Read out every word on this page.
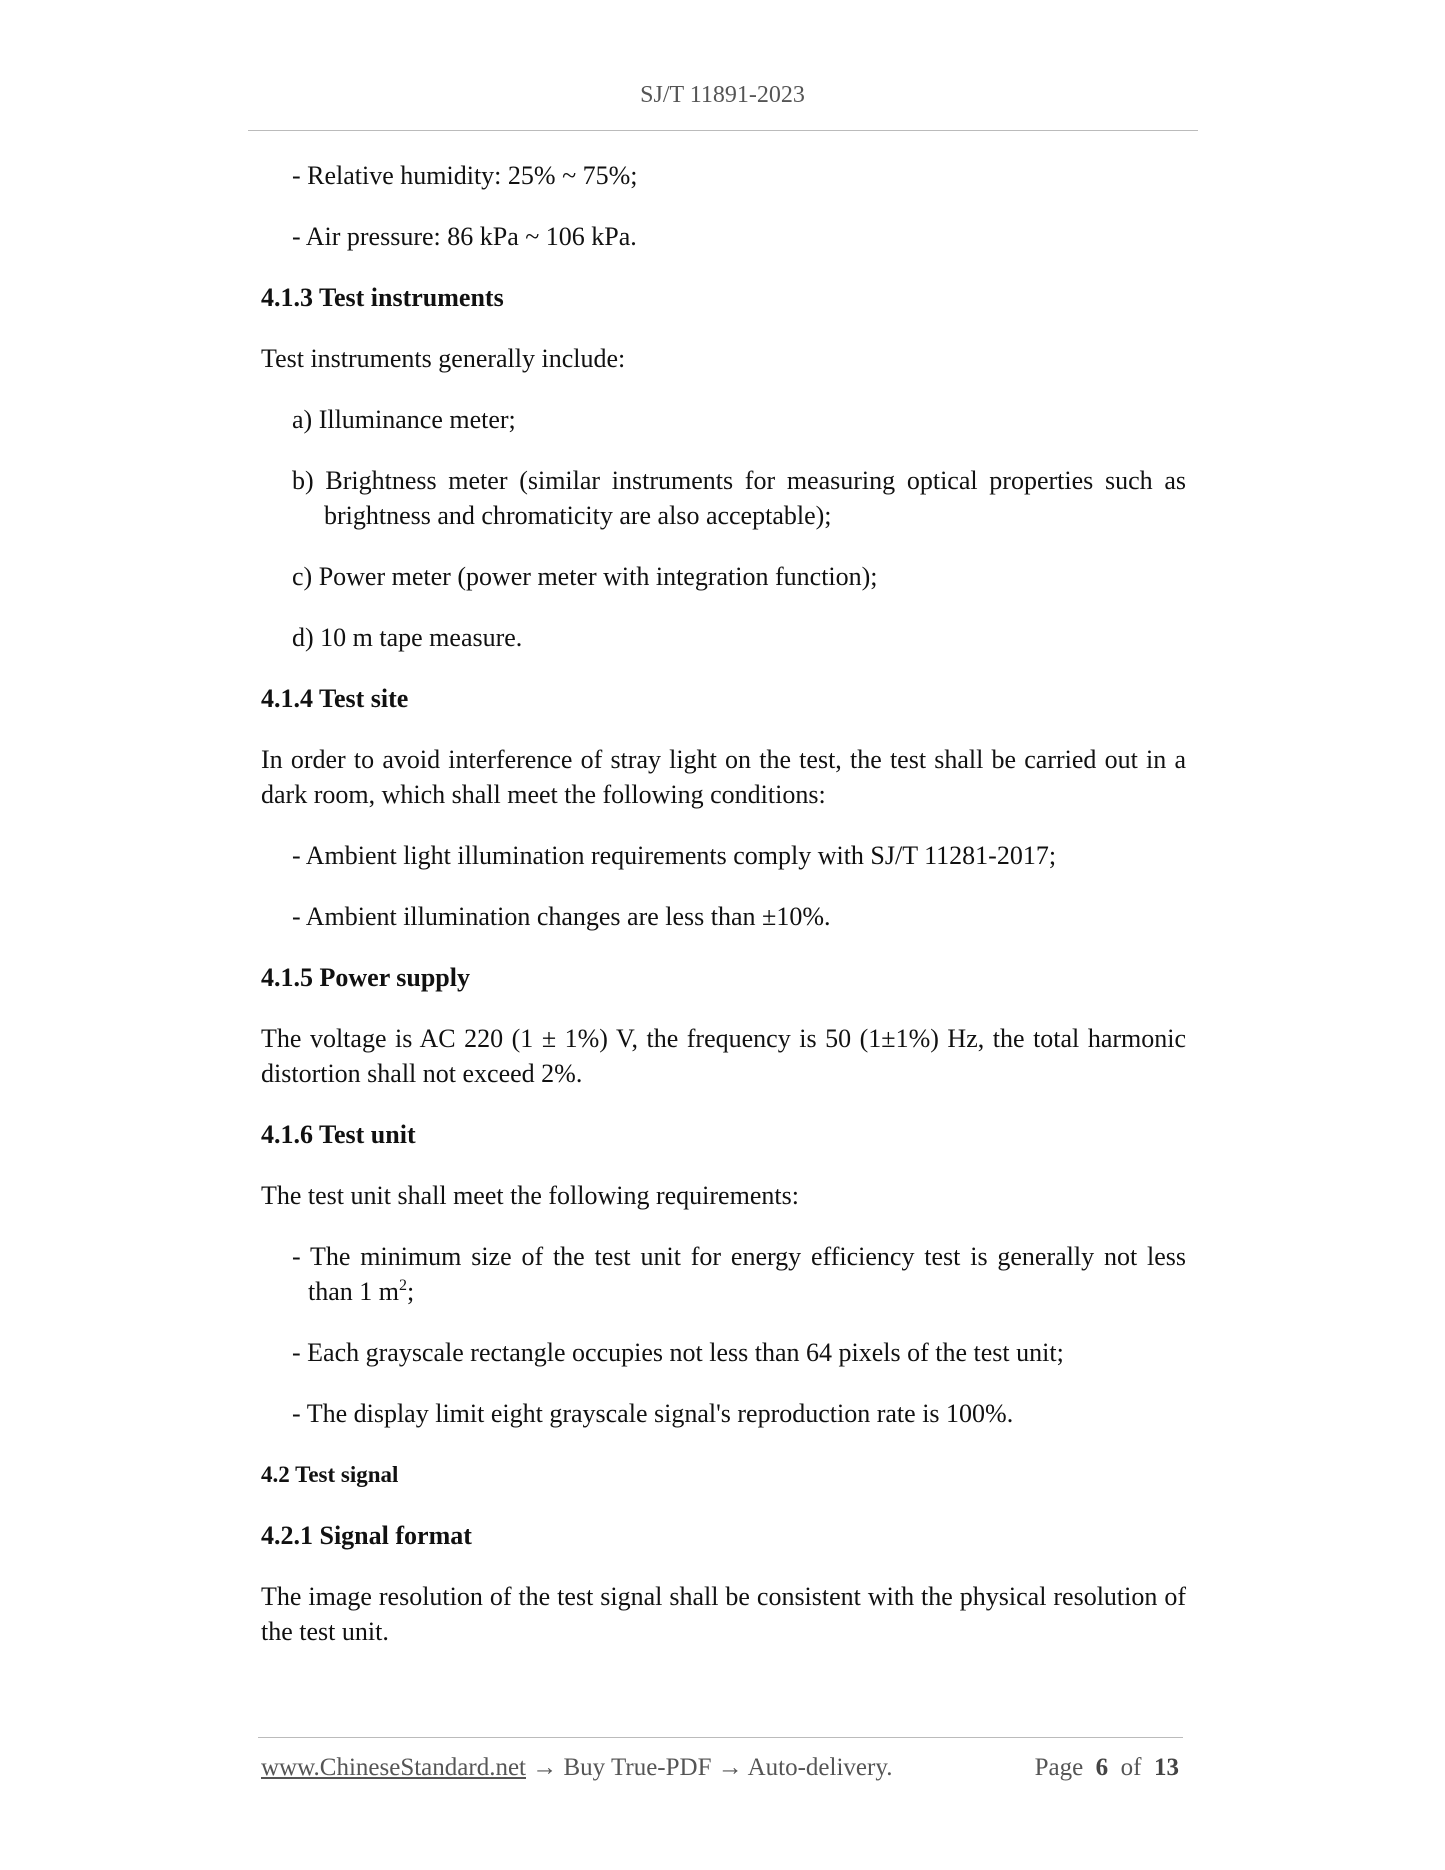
SJ/T 11891-2023

- Relative humidity: 25% ~ 75%;

- Air pressure: 86 kPa ~ 106 kPa.

4.1.3 Test instruments

Test instruments generally include:

a) Illuminance meter;

b) Brightness meter (similar instruments for measuring optical properties such as brightness and chromaticity are also acceptable);

c) Power meter (power meter with integration function);

d) 10 m tape measure.

4.1.4 Test site

In order to avoid interference of stray light on the test, the test shall be carried out in a dark room, which shall meet the following conditions:

- Ambient light illumination requirements comply with SJ/T 11281-2017;

- Ambient illumination changes are less than ±10%.

4.1.5 Power supply

The voltage is AC 220 (1 ± 1%) V, the frequency is 50 (1±1%) Hz, the total harmonic distortion shall not exceed 2%.

4.1.6 Test unit

The test unit shall meet the following requirements:

- The minimum size of the test unit for energy efficiency test is generally not less than 1 $m^2$;

- Each grayscale rectangle occupies not less than 64 pixels of the test unit;

- The display limit eight grayscale signal's reproduction rate is 100%.

4.2 Test signal

4.2.1 Signal format

The image resolution of the test signal shall be consistent with the physical resolution of the test unit.

www.ChineseStandard.net → Buy True-PDF → Auto-delivery.	Page 6 of 13
